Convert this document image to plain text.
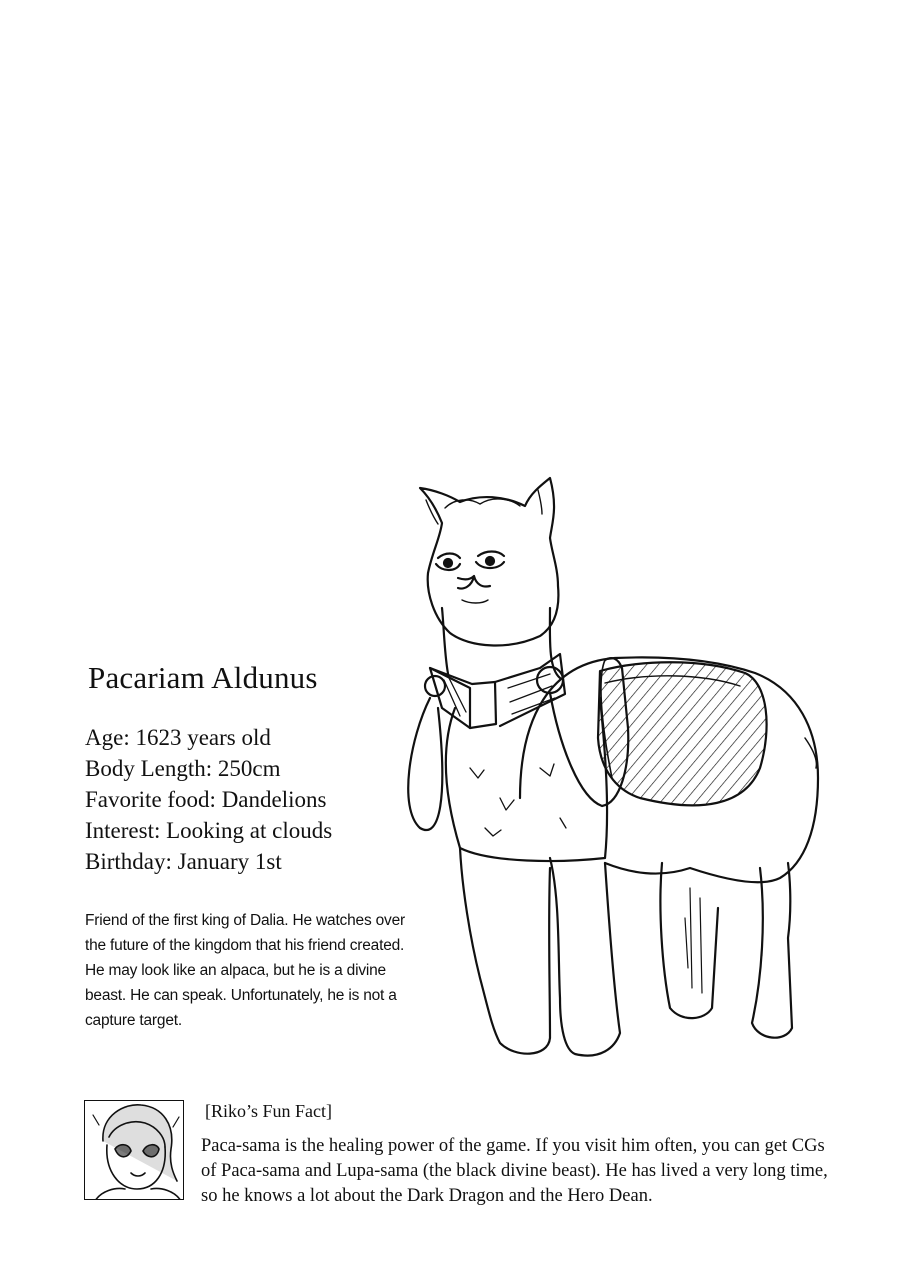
Pacariam Aldunus
Age: 1623 years old
Body Length: 250cm
Favorite food: Dandelions
Interest: Looking at clouds
Birthday: January 1st
Friend of the first king of Dalia. He watches over
the future of the kingdom that his friend created.
He may look like an alpaca, but he is a divine
beast. He can speak. Unfortunately, he is not a
capture target.
[Riko’s Fun Fact]
Paca-sama is the healing power of the game. If you visit him often, you can get CGs
of Paca-sama and Lupa-sama (the black divine beast). He has lived a very long time,
so he knows a lot about the Dark Dragon and the Hero Dean.
